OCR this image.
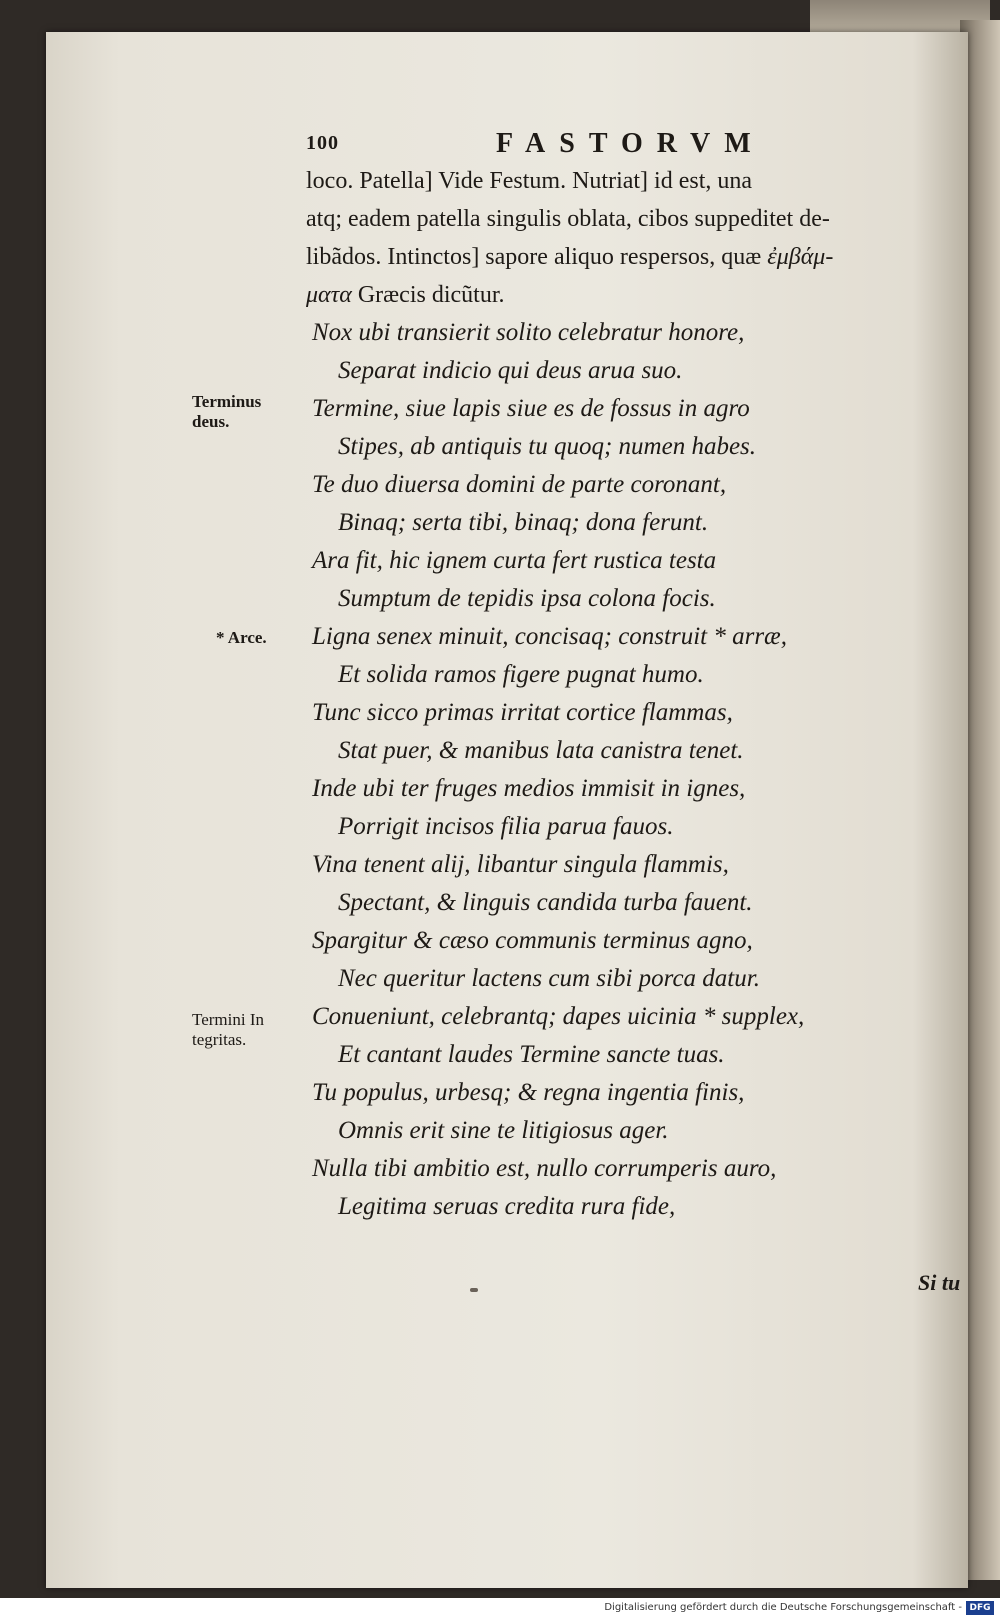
100	FASTORVM
loco. Patella] Vide Festum. Nutriat] id est, una
atq; eadem patella singulis oblata, cibos suppeditet de-
libãdos. Intinctos] sapore aliquo respersos, quæ ἐμβάμ-
ματα Græcis dicũtur.
Nox ubi transierit solito celebratur honore,
Separat indicio qui deus arua suo.
Termine, siue lapis siue es de fossus in agro
Stipes, ab antiquis tu quoq; numen habes.
Te duo diuersa domini de parte coronant,
Binaq; serta tibi, binaq; dona ferunt.
Ara fit, hic ignem curta fert rustica testa
Sumptum de tepidis ipsa colona focis.
Ligna senex minuit, concisaq; construit * arræ,
Et solida ramos figere pugnat humo.
Tunc sicco primas irritat cortice flammas,
Stat puer, & manibus lata canistra tenet.
Inde ubi ter fruges medios immisit in ignes,
Porrigit incisos filia parua fauos.
Vina tenent alij, libantur singula flammis,
Spectant, & linguis candida turba fauent.
Spargitur & cæso communis terminus agno,
Nec queritur lactens cum sibi porca datur.
Conueniunt, celebrantq; dapes uicinia * supplex,
Et cantant laudes Termine sancte tuas.
Tu populus, urbesq; & regna ingentia finis,
Omnis erit sine te litigiosus ager.
Nulla tibi ambitio est, nullo corrumperis auro,
Legitima seruas credita rura fide,
Terminus
deus.
* Arce.
Termini In
tegritas.
Si tu
Digitalisierung gefördert durch die Deutsche Forschungsgemeinschaft - DFG
